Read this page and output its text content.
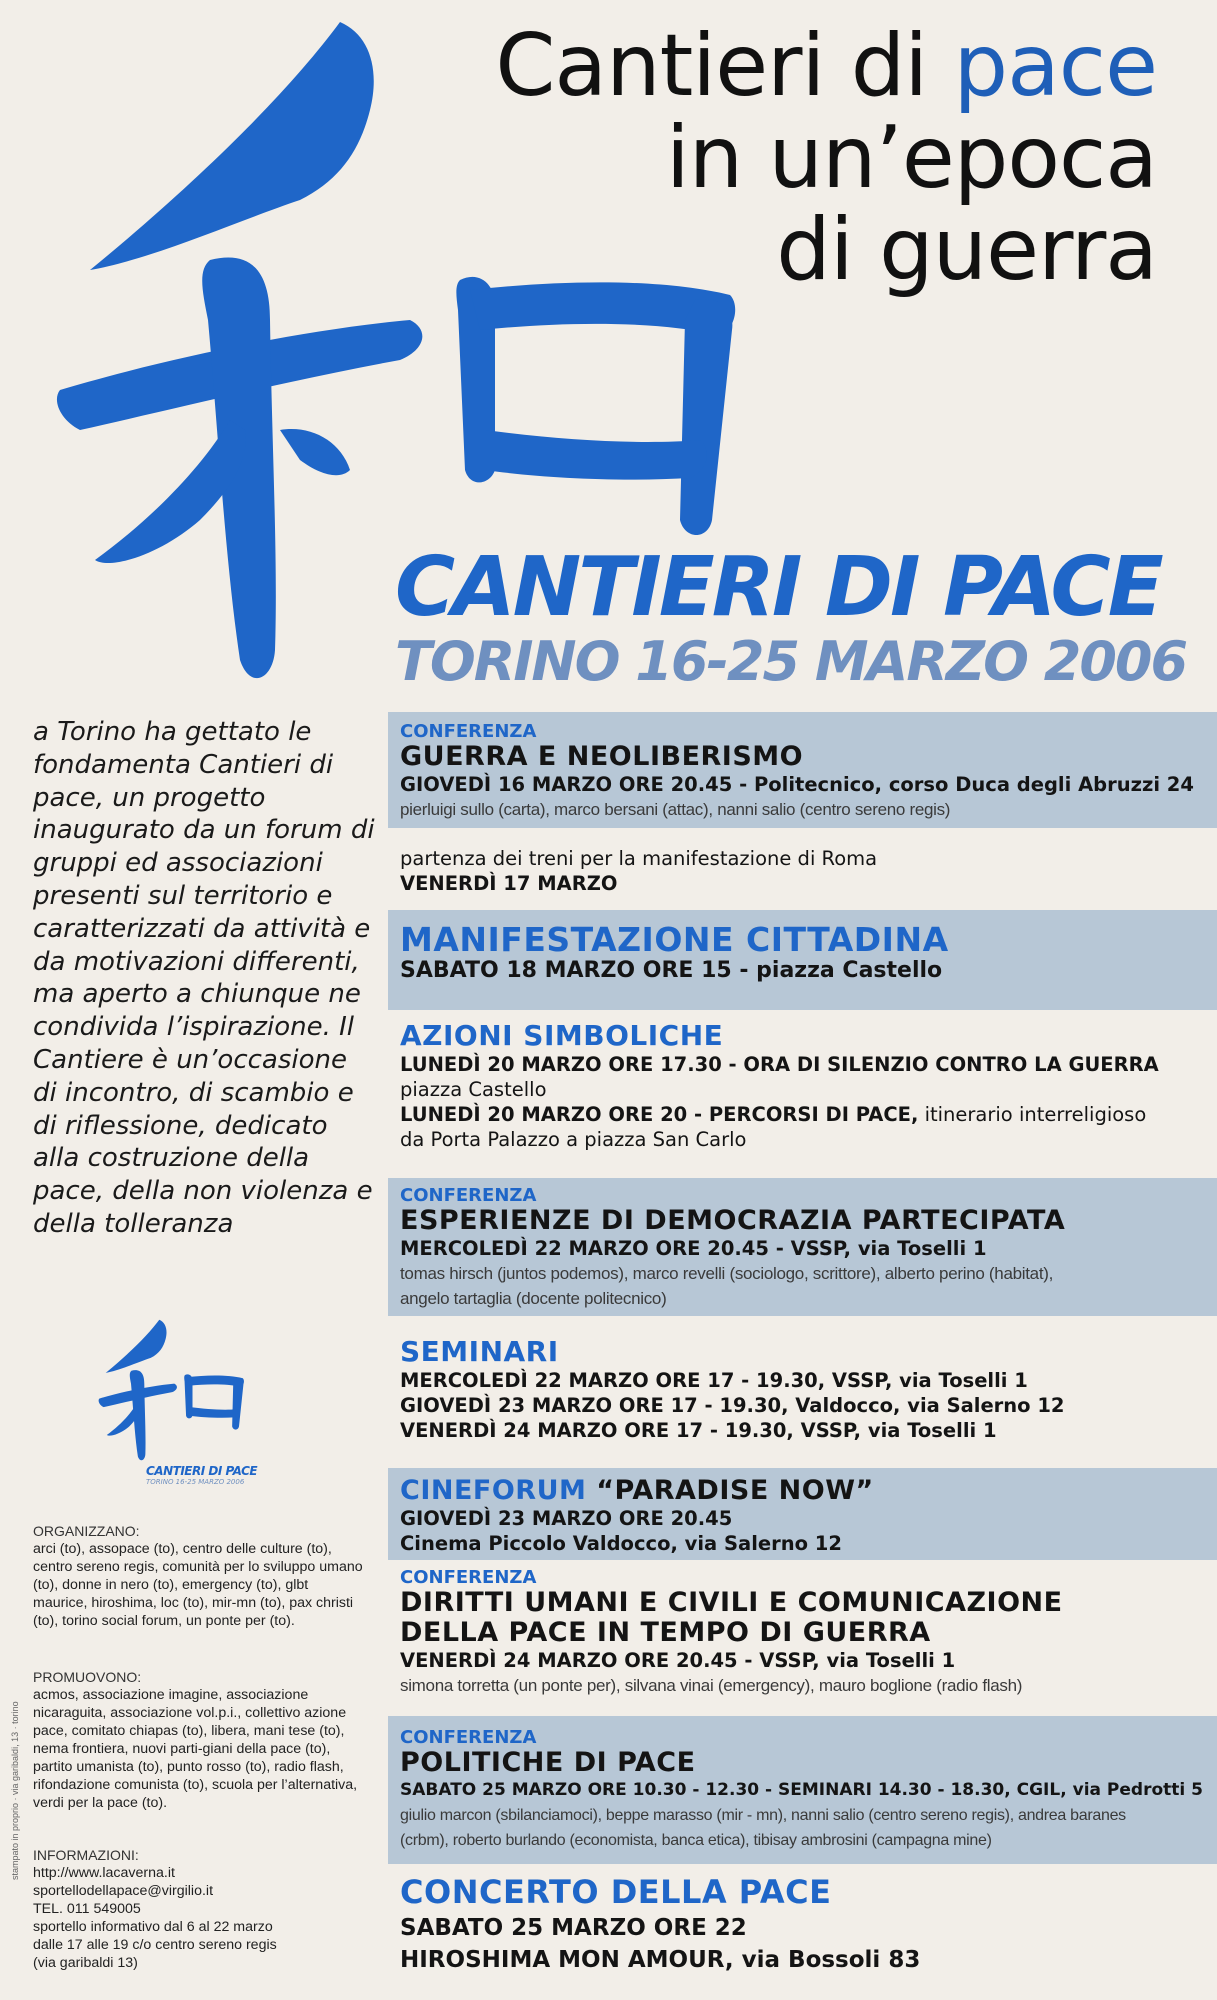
Cantieri di pace
in un’epoca
di guerra
CANTIERI DI PACE
TORINO 16-25 MARZO 2006
a Torino ha gettato le fondamenta Cantieri di pace, un progetto inaugurato da un forum di gruppi ed associazioni presenti sul territorio e caratterizzati da attività e da motivazioni differenti, ma aperto a chiunque ne condivida l’ispirazione. Il Cantiere è un’occasione di incontro, di scambio e di riflessione, dedicato alla costruzione della pace, della non violenza e della tolleranza
CANTIERI DI PACE
TORINO 16-25 MARZO 2006
ORGANIZZANO:
arci (to), assopace (to), centro delle culture (to), centro sereno regis, comunità per lo sviluppo umano (to), donne in nero (to), emergency (to), glbt maurice, hiroshima, loc (to), mir-mn (to), pax christi (to), torino social forum, un ponte per (to).
PROMUOVONO:
acmos, associazione imagine, associazione nicaraguita, associazione vol.p.i., collettivo azione pace, comitato chiapas (to), libera, mani tese (to), nema frontiera, nuovi parti-giani della pace (to), partito umanista (to), punto rosso (to), radio flash, rifondazione comunista (to), scuola per l’alternativa, verdi per la pace (to).
INFORMAZIONI:
http://www.lacaverna.it
sportellodellapace@virgilio.it
TEL. 011 549005
sportello informativo dal 6 al 22 marzo
dalle 17 alle 19 c/o centro sereno regis
(via garibaldi 13)
stampato in proprio · via garibaldi, 13 · torino
CONFERENZA
GUERRA E NEOLIBERISMO
GIOVEDÌ 16 MARZO ORE 20.45 - Politecnico, corso Duca degli Abruzzi 24
pierluigi sullo (carta), marco bersani (attac), nanni salio (centro sereno regis)
partenza dei treni per la manifestazione di Roma
VENERDÌ 17 MARZO
MANIFESTAZIONE CITTADINA
SABATO 18 MARZO ORE 15 - piazza Castello
AZIONI SIMBOLICHE
LUNEDÌ 20 MARZO ORE 17.30 - ORA DI SILENZIO CONTRO LA GUERRA
piazza Castello
LUNEDÌ 20 MARZO ORE 20 - PERCORSI DI PACE, itinerario interreligioso
da Porta Palazzo a piazza San Carlo
CONFERENZA
ESPERIENZE DI DEMOCRAZIA PARTECIPATA
MERCOLEDÌ 22 MARZO ORE 20.45 - VSSP, via Toselli 1
tomas hirsch (juntos podemos), marco revelli (sociologo, scrittore), alberto perino (habitat),
angelo tartaglia (docente politecnico)
SEMINARI
MERCOLEDÌ 22 MARZO ORE 17 - 19.30, VSSP, via Toselli 1
GIOVEDÌ 23 MARZO ORE 17 - 19.30, Valdocco, via Salerno 12
VENERDÌ 24 MARZO ORE 17 - 19.30, VSSP, via Toselli 1
CINEFORUM “PARADISE NOW”
GIOVEDÌ 23 MARZO ORE 20.45
Cinema Piccolo Valdocco, via Salerno 12
CONFERENZA
DIRITTI UMANI E CIVILI E COMUNICAZIONE
DELLA PACE IN TEMPO DI GUERRA
VENERDÌ 24 MARZO ORE 20.45 - VSSP, via Toselli 1
simona torretta (un ponte per), silvana vinai (emergency), mauro boglione (radio flash)
CONFERENZA
POLITICHE DI PACE
SABATO 25 MARZO ORE 10.30 - 12.30 - SEMINARI 14.30 - 18.30, CGIL, via Pedrotti 5
giulio marcon (sbilanciamoci), beppe marasso (mir - mn), nanni salio (centro sereno regis), andrea baranes
(crbm), roberto burlando (economista, banca etica), tibisay ambrosini (campagna mine)
CONCERTO DELLA PACE
SABATO 25 MARZO ORE 22
HIROSHIMA MON AMOUR, via Bossoli 83
